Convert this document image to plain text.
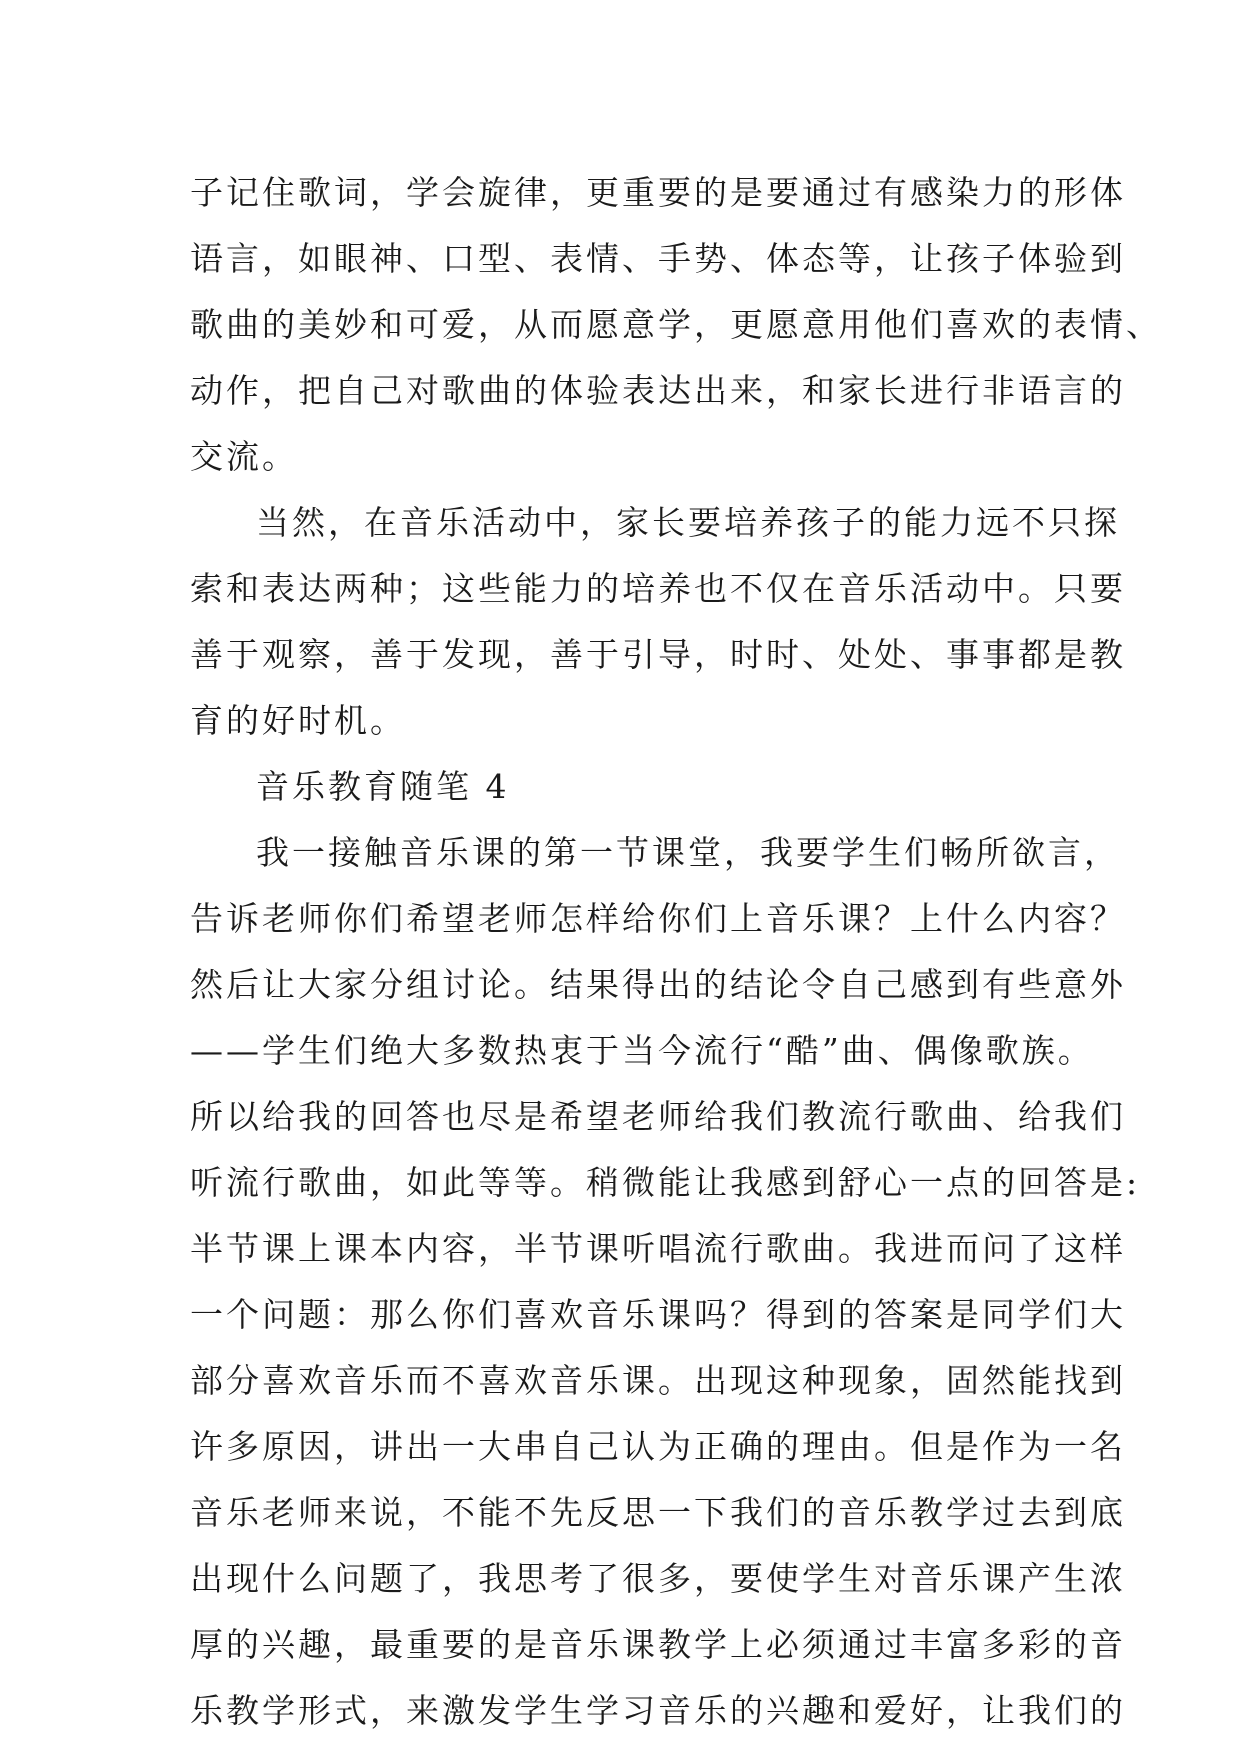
子记住歌词，学会旋律，更重要的是要通过有感染力的形体
语言，如眼神、口型、表情、手势、体态等，让孩子体验到
歌曲的美妙和可爱，从而愿意学，更愿意用他们喜欢的表情、
动作，把自己对歌曲的体验表达出来，和家长进行非语言的
交流。
当然，在音乐活动中，家长要培养孩子的能力远不只探
索和表达两种；这些能力的培养也不仅在音乐活动中。只要
善于观察，善于发现，善于引导，时时、处处、事事都是教
育的好时机。
音乐教育随笔 4
我一接触音乐课的第一节课堂，我要学生们畅所欲言，
告诉老师你们希望老师怎样给你们上音乐课？上什么内容？
然后让大家分组讨论。结果得出的结论令自己感到有些意外
——学生们绝大多数热衷于当今流行“酷”曲、偶像歌族。
所以给我的回答也尽是希望老师给我们教流行歌曲、给我们
听流行歌曲，如此等等。稍微能让我感到舒心一点的回答是:
半节课上课本内容，半节课听唱流行歌曲。我进而问了这样
一个问题：那么你们喜欢音乐课吗？得到的答案是同学们大
部分喜欢音乐而不喜欢音乐课。出现这种现象，固然能找到
许多原因，讲出一大串自己认为正确的理由。但是作为一名
音乐老师来说，不能不先反思一下我们的音乐教学过去到底
出现什么问题了，我思考了很多，要使学生对音乐课产生浓
厚的兴趣，最重要的是音乐课教学上必须通过丰富多彩的音
乐教学形式，来激发学生学习音乐的兴趣和爱好，让我们的
